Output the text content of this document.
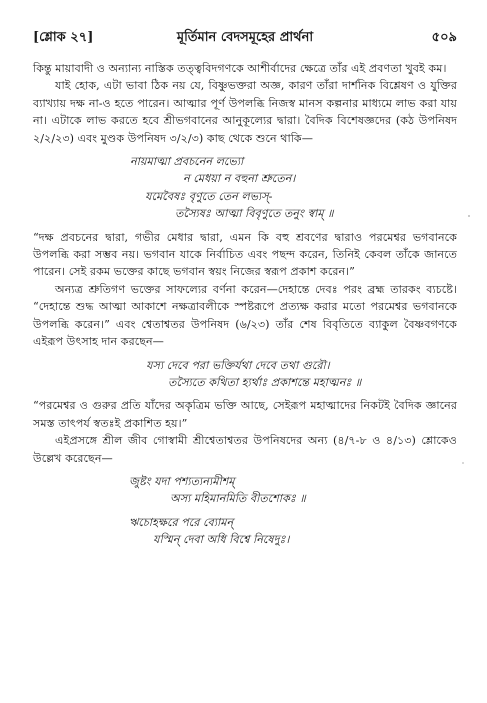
[শ্লোক ২৭]	মূর্তিমান বেদসমূহের প্রার্থনা	৫০৯

কিন্তু মায়াবাদী ও অন্যান্য নাস্তিক তত্ত্ববিদগণকে আশীর্বাদের ক্ষেত্রে তাঁর এই প্রবণতা খুবই কম।

যাই হোক, এটা ভাবা ঠিক নয় যে, বিষ্ণুভক্তরা অজ্ঞ, কারণ তাঁরা দার্শনিক বিশ্লেষণ ও যুক্তির ব্যাখ্যায় দক্ষ না-ও হতে পারেন। আত্মার পূর্ণ উপলব্ধি নিজস্ব মানস কল্পনার মাধ্যমে লাভ করা যায় না। এটাকে লাভ করতে হবে শ্রীভগবানের আনুকূল্যের দ্বারা। বৈদিক বিশেষজ্ঞদের (কঠ উপনিষদ ২/২/২৩) এবং মুণ্ডক উপনিষদ ৩/২/৩) কাছ থেকে শুনে থাকি—

নায়মাত্মা প্রবচনেন লভ্যো
ন মেধয়া ন বহুনা শ্রুতেন।
যমেবৈষঃ বৃণুতে তেন লভ্যস্-
তস্যৈষঃ আত্মা বিবৃণুতে তনুং স্বাম্ ॥

“দক্ষ প্রবচনের দ্বারা, গভীর মেধার দ্বারা, এমন কি বহু শ্রবণের দ্বারাও পরমেশ্বর ভগবানকে উপলব্ধি করা সম্ভব নয়। ভগবান যাকে নির্বাচিত এবং পছন্দ করেন, তিনিই কেবল তাঁকে জানতে পারেন। সেই রকম ভক্তের কাছে ভগবান স্বয়ং নিজের স্বরূপ প্রকাশ করেন।”

অন্যত্র শ্রুতিগণ ভক্তের সাফল্যের বর্ণনা করেন—দেহান্তে দেবঃ পরং ব্রহ্ম তারকং ব্যচষ্টে। “দেহান্তে শুদ্ধ আত্মা আকাশে নক্ষত্রাবলীকে স্পষ্টরূপে প্রত্যক্ষ করার মতো পরমেশ্বর ভগবানকে উপলব্ধি করেন।” এবং শ্বেতাশ্বতর উপনিষদ (৬/২৩) তাঁর শেষ বিবৃতিতে ব্যাকুল বৈষ্ণবগণকে এইরূপ উৎসাহ দান করছেন—

যস্য দেবে পরা ভক্তির্যথা দেবে তথা গুরৌ।
তস্যৈতে কথিতা হ্যর্থাঃ প্রকাশন্তে মহাত্মনঃ ॥

“পরমেশ্বর ও গুরুর প্রতি যাঁদের অকৃত্রিম ভক্তি আছে, সেইরূপ মহাত্মাদের নিকটই বৈদিক জ্ঞানের সমস্ত তাৎপর্য স্বতঃই প্রকাশিত হয়।”

এইপ্রসঙ্গে শ্রীল জীব গোস্বামী শ্রীশ্বেতাশ্বতর উপনিষদের অন্য (৪/৭-৮ ও ৪/১৩) শ্লোকেও উল্লেখ করেছেন—

জুষ্টং যদা পশ্যত্যন্যমীশম্
অস্য মহিমানমিতি বীতশোকঃ ॥
ঋচোহক্ষরে পরে ব্যোমন্
যস্মিন্ দেবা অধি বিশ্বে নিষেদুঃ।
